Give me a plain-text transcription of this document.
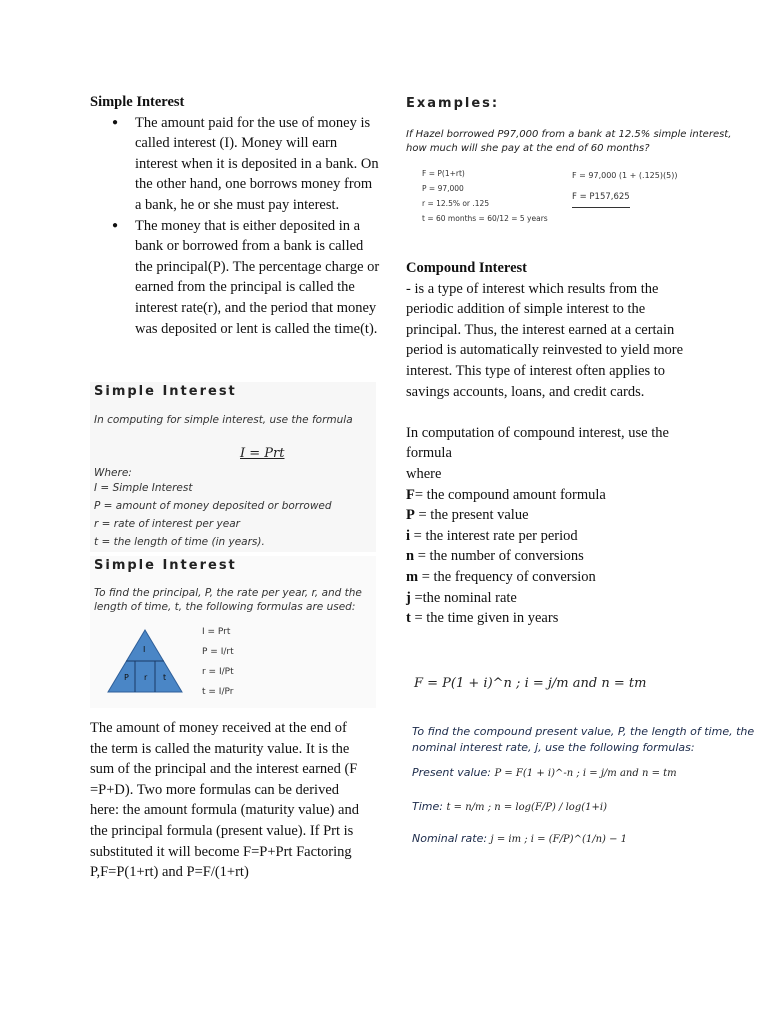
Simple Interest
● The amount paid for the use of money is called interest (I). Money will earn interest when it is deposited in a bank. On the other hand, one borrows money from a bank, he or she must pay interest.
● The money that is either deposited in a bank or borrowed from a bank is called the principal(P). The percentage charge or earned from the principal is called the interest rate(r), and the period that money was deposited or lent is called the time(t).
Simple Interest
In computing for simple interest, use the formula
I = Prt
Where:
I = Simple Interest
P = amount of money deposited or borrowed
r = rate of interest per year
t = the length of time (in years).
Simple Interest
To find the principal, P, the rate per year, r, and the length of time, t, the following formulas are used:
I
P r t
I = Prt
P = I/rt
r = I/Pt
t = I/Pr
The amount of money received at the end of the term is called the maturity value. It is the sum of the principal and the interest earned (F =P+D). Two more formulas can be derived here: the amount formula (maturity value) and the principal formula (present value). If Prt is substituted it will become F=P+Prt Factoring P,F=P(1+rt) and P=F/(1+rt)
Examples:
If Hazel borrowed P97,000 from a bank at 12.5% simple interest, how much will she pay at the end of 60 months?
F = P(1+rt)
P = 97,000
r = 12.5% or .125
t = 60 months = 60/12 = 5 years
F = 97,000 (1 + (.125)(5))
F = P157,625
Compound Interest
- is a type of interest which results from the periodic addition of simple interest to the principal. Thus, the interest earned at a certain period is automatically reinvested to yield more interest. This type of interest often applies to savings accounts, loans, and credit cards.
In computation of compound interest, use the formula
where
F= the compound amount formula
P = the present value
i = the interest rate per period
n = the number of conversions
m = the frequency of conversion
j =the nominal rate
t = the time given in years
F = P(1 + i)^n ; i = j/m and n = tm
To find the compound present value, P, the length of time, the nominal interest rate, j, use the following formulas:
Present value: P = F(1 + i)^-n ; i = j/m and n = tm
Time: t = n/m ; n = log(F/P) / log(1+i)
Nominal rate: j = im ; i = (F/P)^(1/n) − 1
